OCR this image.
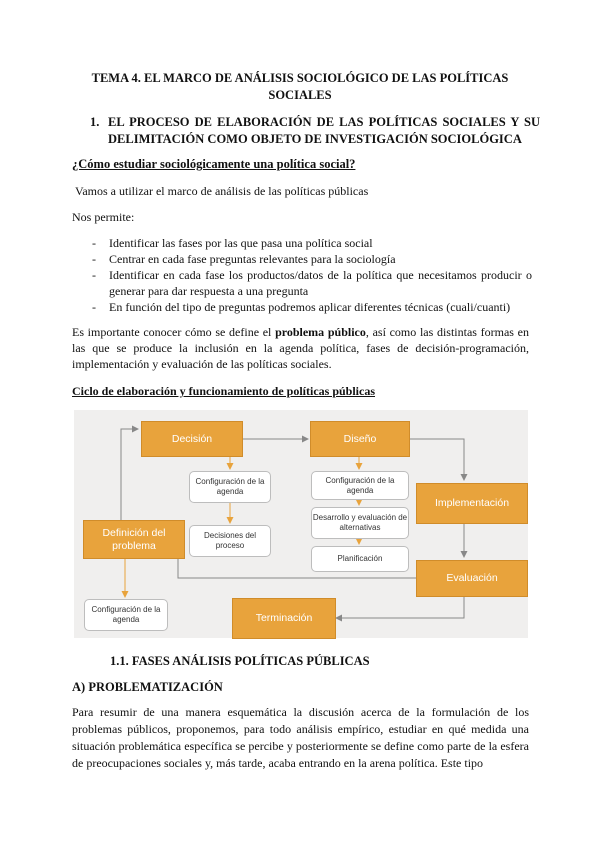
TEMA 4. EL MARCO DE ANÁLISIS SOCIOLÓGICO DE LAS POLÍTICAS SOCIALES
1. EL PROCESO DE ELABORACIÓN DE LAS POLÍTICAS SOCIALES Y SU DELIMITACIÓN COMO OBJETO DE INVESTIGACIÓN SOCIOLÓGICA
¿Cómo estudiar sociológicamente una política social?
Vamos a utilizar el marco de análisis de las políticas públicas
Nos permite:
- Identificar las fases por las que pasa una política social
- Centrar en cada fase preguntas relevantes para la sociología
- Identificar en cada fase los productos/datos de la política que necesitamos producir o generar para dar respuesta a una pregunta
- En función del tipo de preguntas podremos aplicar diferentes técnicas (cuali/cuanti)
Es importante conocer cómo se define el problema público, así como las distintas formas en las que se produce la inclusión en la agenda política, fases de decisión-programación, implementación y evaluación de las políticas sociales.
Ciclo de elaboración y funcionamiento de políticas públicas
Decisión	Diseño
Implementación
Evaluación
Terminación
Definición del problema
Configuración de la agenda
Decisiones del proceso
Configuración de la agenda
Desarrollo y evaluación de alternativas
Planificación
Configuración de la agenda
1.1. FASES ANÁLISIS POLÍTICAS PÚBLICAS
A) PROBLEMATIZACIÓN
Para resumir de una manera esquemática la discusión acerca de la formulación de los problemas públicos, proponemos, para todo análisis empírico, estudiar en qué medida una situación problemática específica se percibe y posteriormente se define como parte de la esfera de preocupaciones sociales y, más tarde, acaba entrando en la arena política. Este tipo
